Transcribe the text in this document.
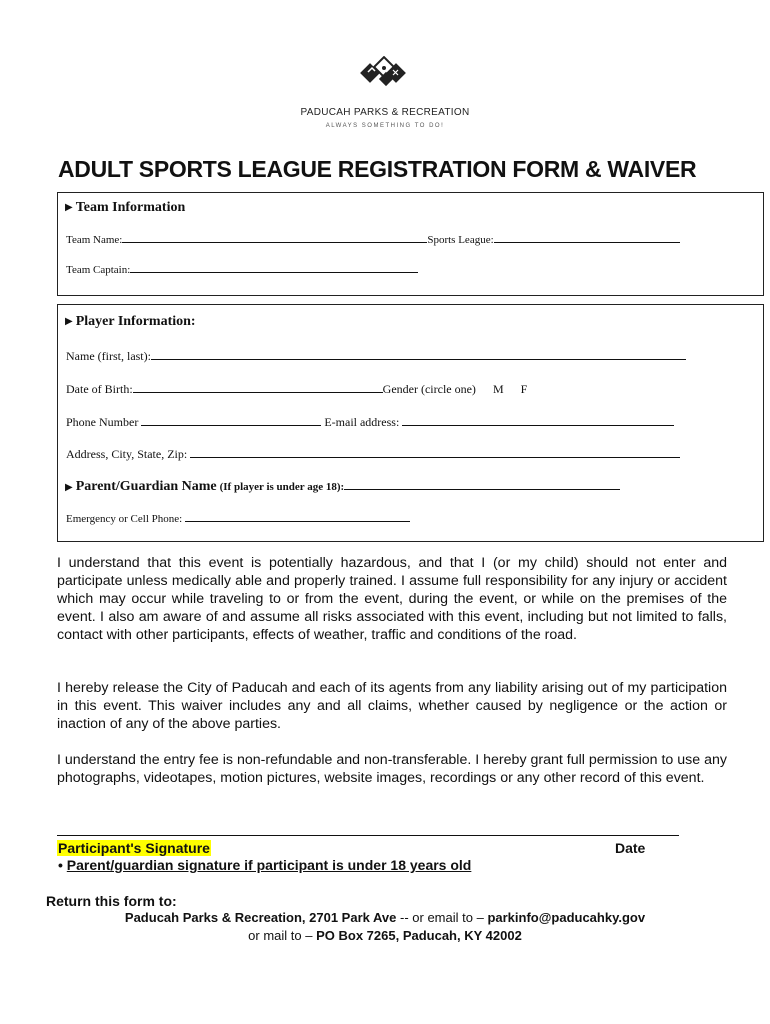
PADUCAH PARKS & RECREATION
ALWAYS SOMETHING TO DO!
ADULT SPORTS LEAGUE REGISTRATION FORM & WAIVER
▶ Team Information
Team Name:	Sports League:
Team Captain:
▶ Player Information:
Name (first, last):
Date of Birth:	Gender (circle one) M F
Phone Number	E-mail address:
Address, City, State, Zip:
▶ Parent/Guardian Name (If player is under age 18):
Emergency or Cell Phone:
I understand that this event is potentially hazardous, and that I (or my child) should not enter and participate unless medically able and properly trained. I assume full responsibility for any injury or accident which may occur while traveling to or from the event, during the event, or while on the premises of the event. I also am aware of and assume all risks associated with this event, including but not limited to falls, contact with other participants, effects of weather, traffic and conditions of the road.
I hereby release the City of Paducah and each of its agents from any liability arising out of my participation in this event. This waiver includes any and all claims, whether caused by negligence or the action or inaction of any of the above parties.
I understand the entry fee is non-refundable and non-transferable. I hereby grant full permission to use any photographs, videotapes, motion pictures, website images, recordings or any other record of this event.
Participant's Signature	Date
• Parent/guardian signature if participant is under 18 years old
Return this form to:
Paducah Parks & Recreation, 2701 Park Ave -- or email to – parkinfo@paducahky.gov
or mail to – PO Box 7265, Paducah, KY 42002
